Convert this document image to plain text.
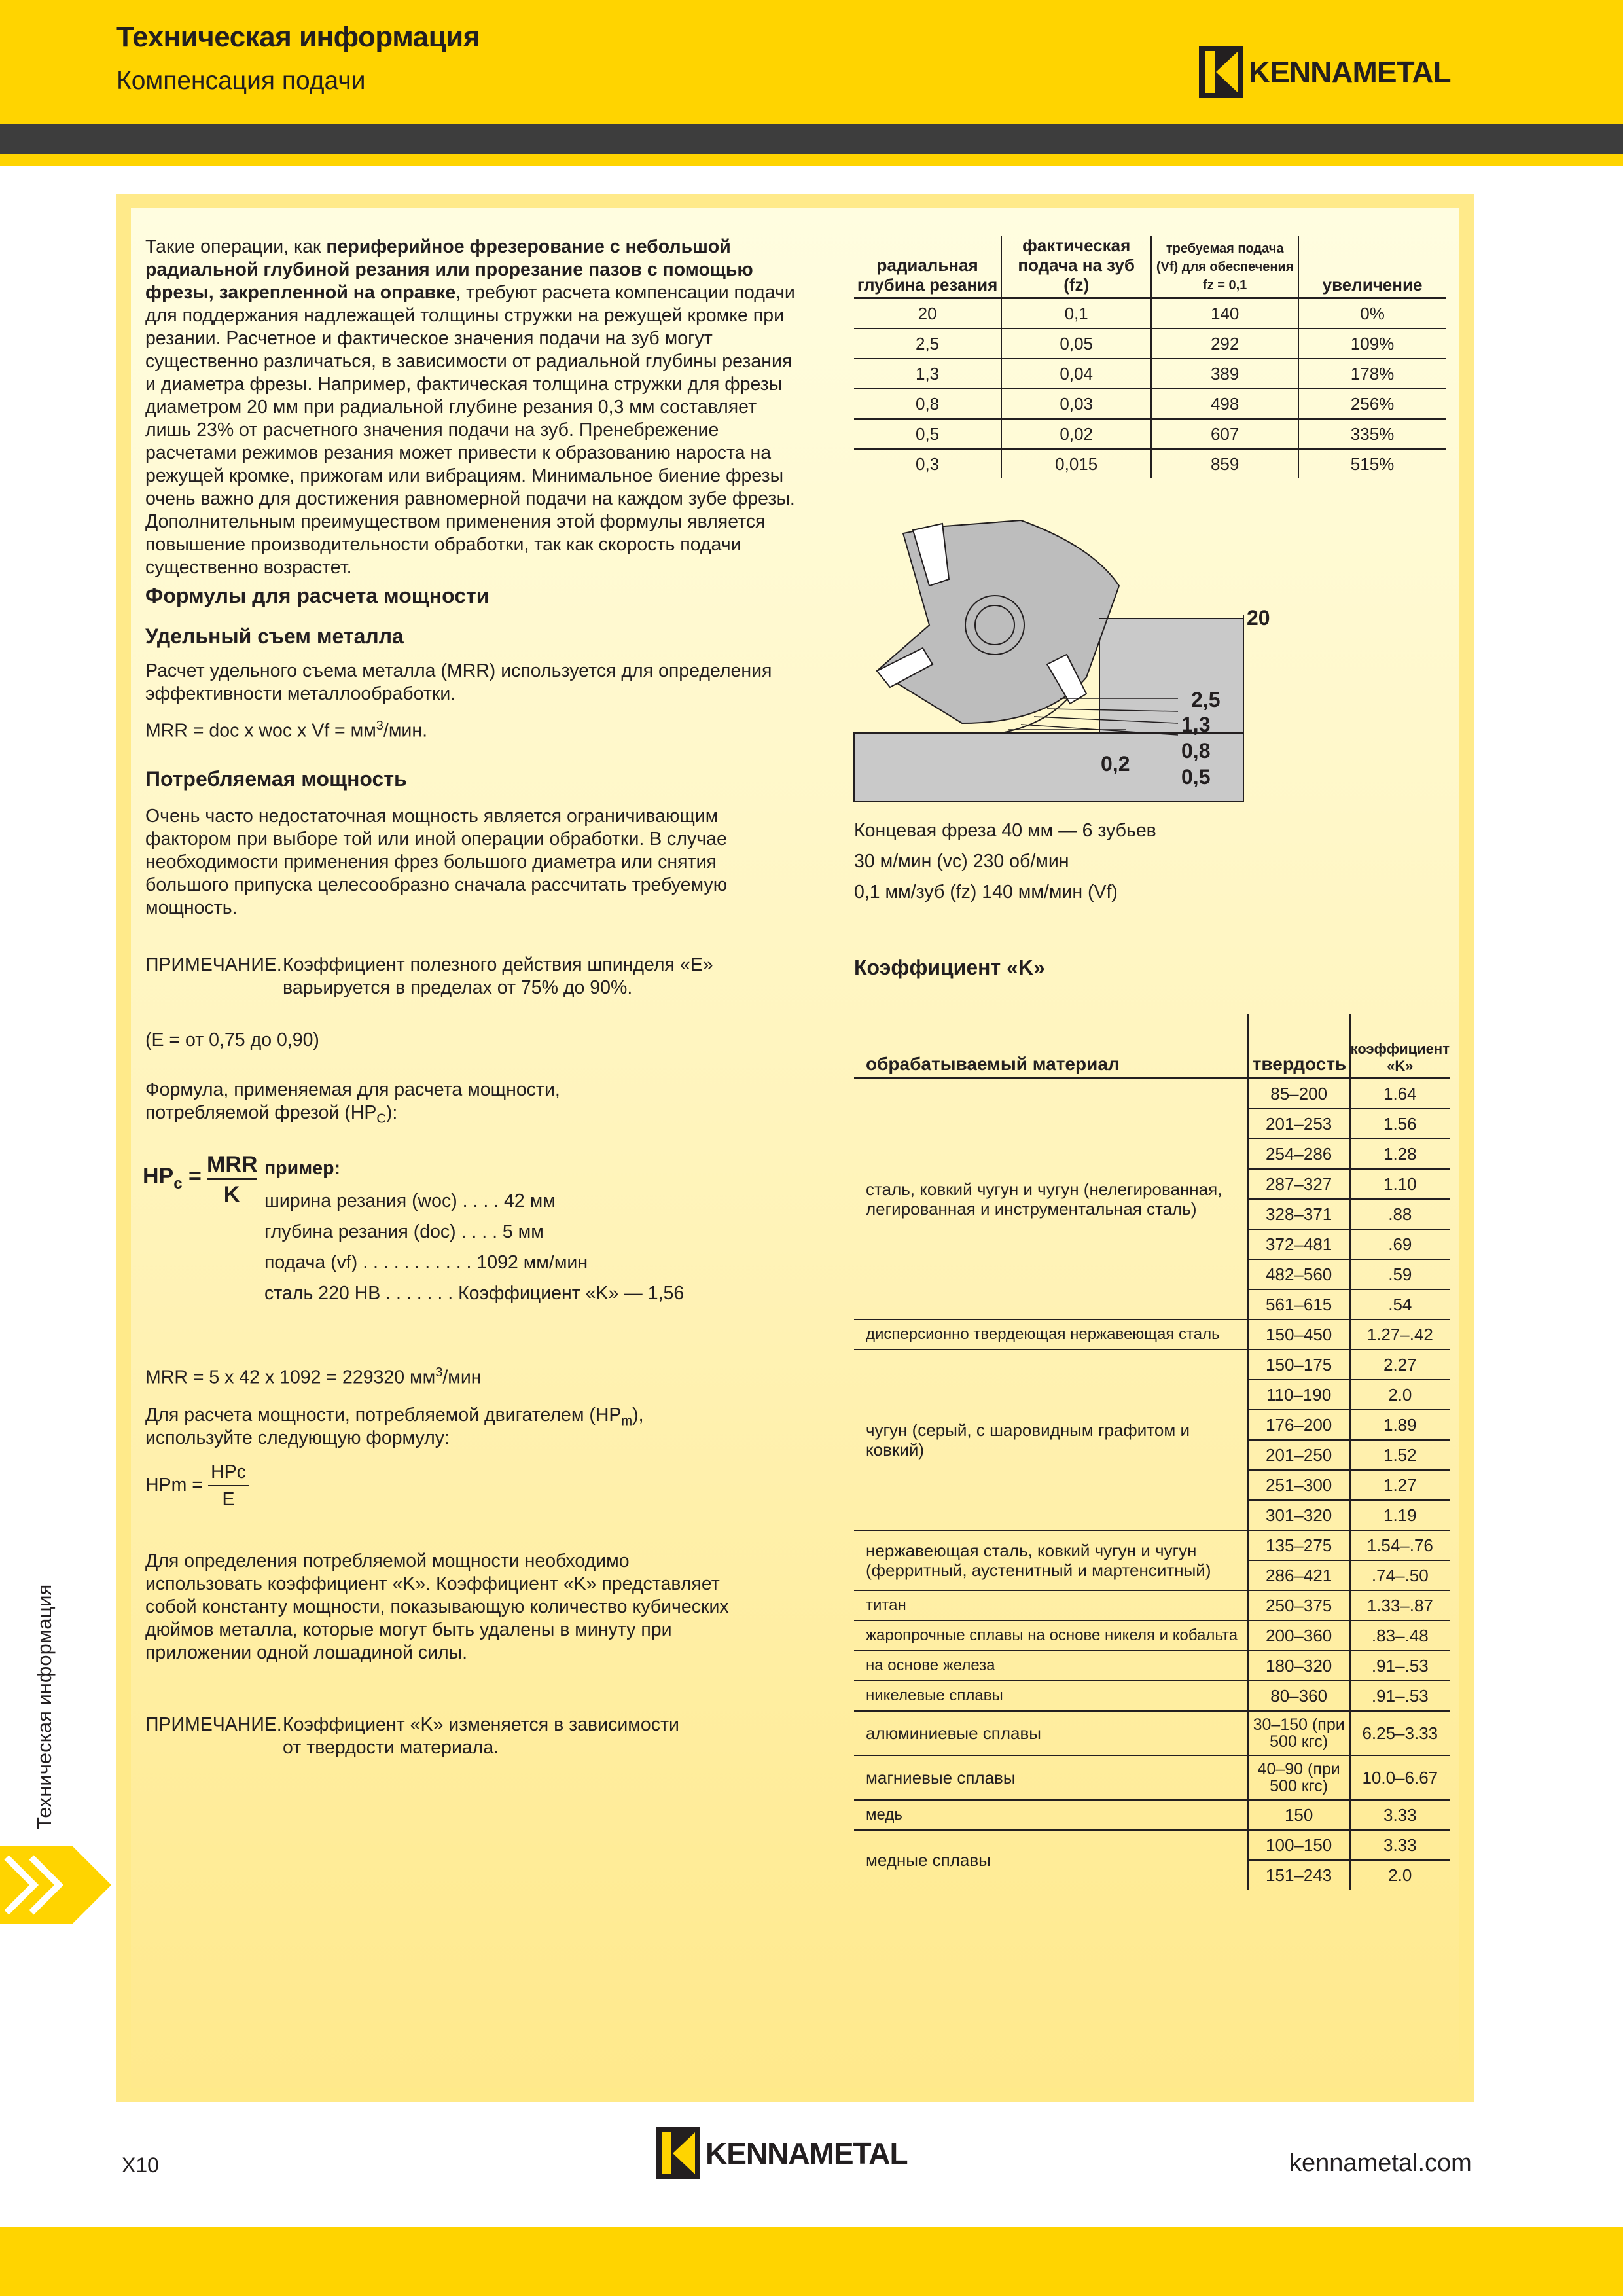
Техническая информация
Компенсация подачи	KENNAMETAL
Такие операции, как периферийное фрезерование с небольшой радиальной глубиной резания или прорезание пазов с помощью фрезы, закрепленной на оправке, требуют расчета компенсации подачи для поддержания надлежащей толщины стружки на режущей кромке при резании. Расчетное и фактическое значения подачи на зуб могут существенно различаться, в зависимости от радиальной глубины резания и диаметра фрезы. Например, фактическая толщина стружки для фрезы диаметром 20 мм при радиальной глубине резания 0,3 мм составляет лишь 23% от расчетного значения подачи на зуб. Пренебрежение расчетами режимов резания может привести к образованию нароста на режущей кромке, прижогам или вибрациям. Минимальное биение фрезы очень важно для достижения равномерной подачи на каждом зубе фрезы. Дополнительным преимуществом применения этой формулы является повышение производительности обработки, так как скорость подачи существенно возрастет.
Формулы для расчета мощности
Удельный съем металла
Расчет удельного съема металла (MRR) используется для определения эффективности металлообработки.
MRR = doc x woc x $Vf = мм^3$/мин.
Потребляемая мощность
Очень часто недостаточная мощность является ограничивающим фактором при выборе той или иной операции обработки. В случае необходимости применения фрез большого диаметра или снятия большого припуска целесообразно сначала рассчитать требуемую мощность.
ПРИМЕЧАНИЕ. Коэффициент полезного действия шпинделя «E» варьируется в пределах от 75% до 90%.
(E = от 0,75 до 0,90)
Формула, применяемая для расчета мощности,
потребляемой фрезой $(HP_C)$:
$HP_c$ = MRR
K
пример:
ширина резания (woc) . . . . 42 мм
глубина резания (doc) . . . . 5 мм
подача (vf) . . . . . . . . . . . 1092 мм/мин
сталь 220 HB . . . . . . . Коэффициент «K» — 1,56
MRR = 5 x 42 x 1092 = 229320 $мм^3$/мин
Для расчета мощности, потребляемой двигателем $(HP_m)$,
используйте следующую формулу:
HPm =
HPc
E
Для определения потребляемой мощности необходимо использовать коэффициент «K». Коэффициент «K» представляет собой константу мощности, показывающую количество кубических дюймов металла, которые могут быть удалены в минуту при приложении одной лошадиной силы.
ПРИМЕЧАНИЕ. Коэффициент «K» изменяется в зависимости от твердости материала.
радиальная глубина резания	фактическая подача на зуб (fz)	требуемая подача (Vf) для обеспечения fz = 0,1	увеличение
20	0,1	140	0%
2,5	0,05	292	109%
1,3	0,04	389	178%
0,8	0,03	498	256%
0,5	0,02	607	335%
0,3	0,015	859	515%
20
2,5
1,3
0,8
0,5
0,2
Концевая фреза 40 мм — 6 зубьев
30 м/мин (vc) 230 об/мин
0,1 мм/зуб (fz) 140 мм/мин (Vf)
Коэффициент «K»
обрабатываемый материал	твердость	коэффициент «K»
сталь, ковкий чугун и чугун (нелегированная, легированная и инструментальная сталь)	85–200	1.64
	201–253	1.56
	254–286	1.28
	287–327	1.10
	328–371	.88
	372–481	.69
	482–560	.59
	561–615	.54
дисперсионно твердеющая нержавеющая сталь	150–450	1.27–.42
чугун (серый, с шаровидным графитом и ковкий)	150–175	2.27
	110–190	2.0
	176–200	1.89
	201–250	1.52
	251–300	1.27
	301–320	1.19
нержавеющая сталь, ковкий чугун и чугун (ферритный, аустенитный и мартенситный)	135–275	1.54–.76
	286–421	.74–.50
титан	250–375	1.33–.87
жаропрочные сплавы на основе никеля и кобальта	200–360	.83–.48
на основе железа	180–320	.91–.53
никелевые сплавы	80–360	.91–.53
алюминиевые сплавы	30–150 (при 500 кгс)	6.25–3.33
магниевые сплавы	40–90 (при 500 кгс)	10.0–6.67
медь	150	3.33
медные сплавы	100–150	3.33
	151–243	2.0
Техническая информация
X10	KENNAMETAL	kennametal.com
